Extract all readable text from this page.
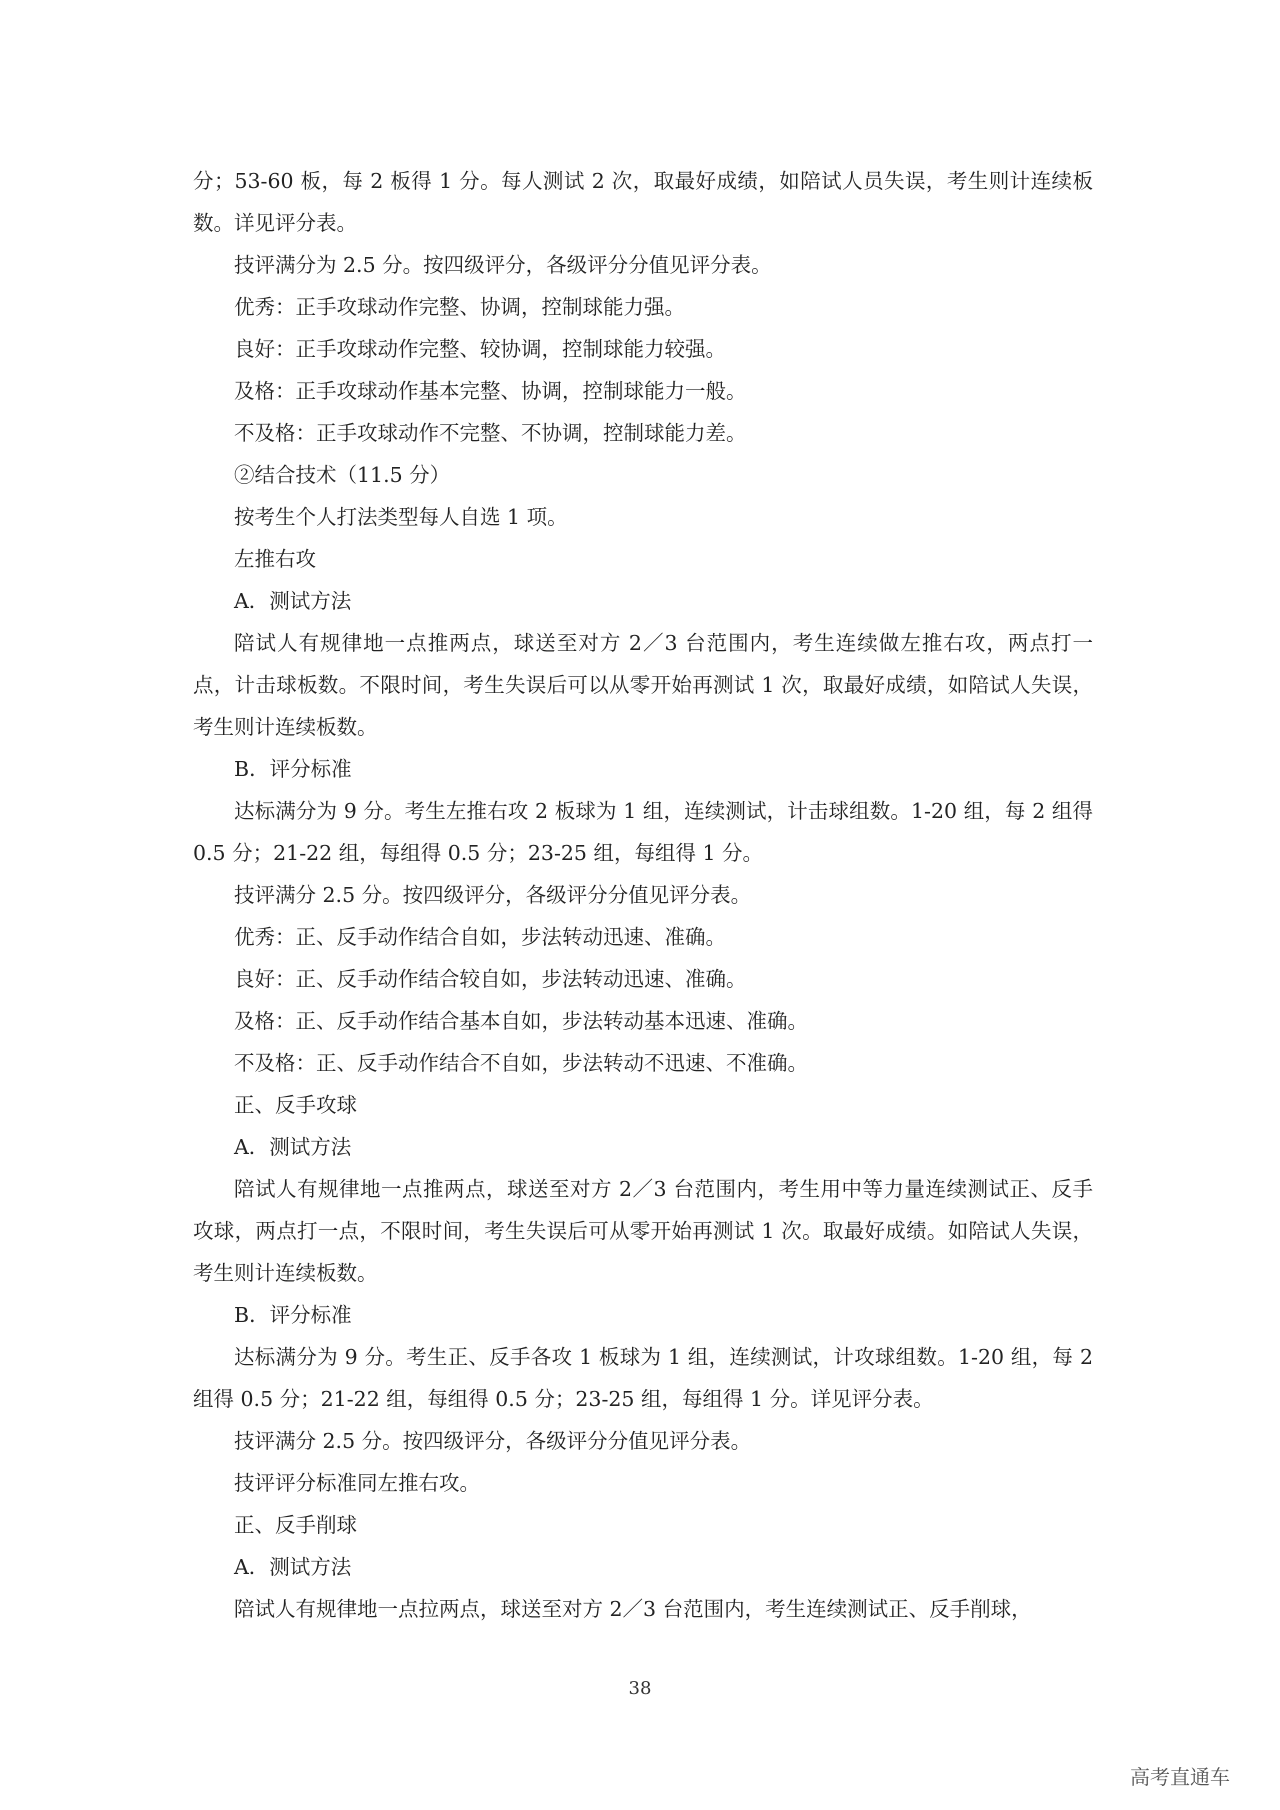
分；53-60 板，每 2 板得 1 分。每人测试 2 次，取最好成绩，如陪试人员失误，考生则计连续板数。详见评分表。

技评满分为 2.5 分。按四级评分，各级评分分值见评分表。

优秀：正手攻球动作完整、协调，控制球能力强。

良好：正手攻球动作完整、较协调，控制球能力较强。

及格：正手攻球动作基本完整、协调，控制球能力一般。

不及格：正手攻球动作不完整、不协调，控制球能力差。

②结合技术（11.5 分）

按考生个人打法类型每人自选 1 项。

左推右攻

A．测试方法

陪试人有规律地一点推两点，球送至对方 2／3 台范围内，考生连续做左推右攻，两点打一点，计击球板数。不限时间，考生失误后可以从零开始再测试 1 次，取最好成绩，如陪试人失误，考生则计连续板数。

B．评分标准

达标满分为 9 分。考生左推右攻 2 板球为 1 组，连续测试，计击球组数。1-20 组，每 2 组得 0.5 分；21-22 组，每组得 0.5 分；23-25 组，每组得 1 分。

技评满分 2.5 分。按四级评分，各级评分分值见评分表。

优秀：正、反手动作结合自如，步法转动迅速、准确。

良好：正、反手动作结合较自如，步法转动迅速、准确。

及格：正、反手动作结合基本自如，步法转动基本迅速、准确。

不及格：正、反手动作结合不自如，步法转动不迅速、不准确。

正、反手攻球

A．测试方法

陪试人有规律地一点推两点，球送至对方 2／3 台范围内，考生用中等力量连续测试正、反手攻球，两点打一点，不限时间，考生失误后可从零开始再测试 1 次。取最好成绩。如陪试人失误，考生则计连续板数。

B．评分标准

达标满分为 9 分。考生正、反手各攻 1 板球为 1 组，连续测试，计攻球组数。1-20 组，每 2 组得 0.5 分；21-22 组，每组得 0.5 分；23-25 组，每组得 1 分。详见评分表。

技评满分 2.5 分。按四级评分，各级评分分值见评分表。

技评评分标准同左推右攻。

正、反手削球

A．测试方法

陪试人有规律地一点拉两点，球送至对方 2／3 台范围内，考生连续测试正、反手削球，

38
高考直通车
